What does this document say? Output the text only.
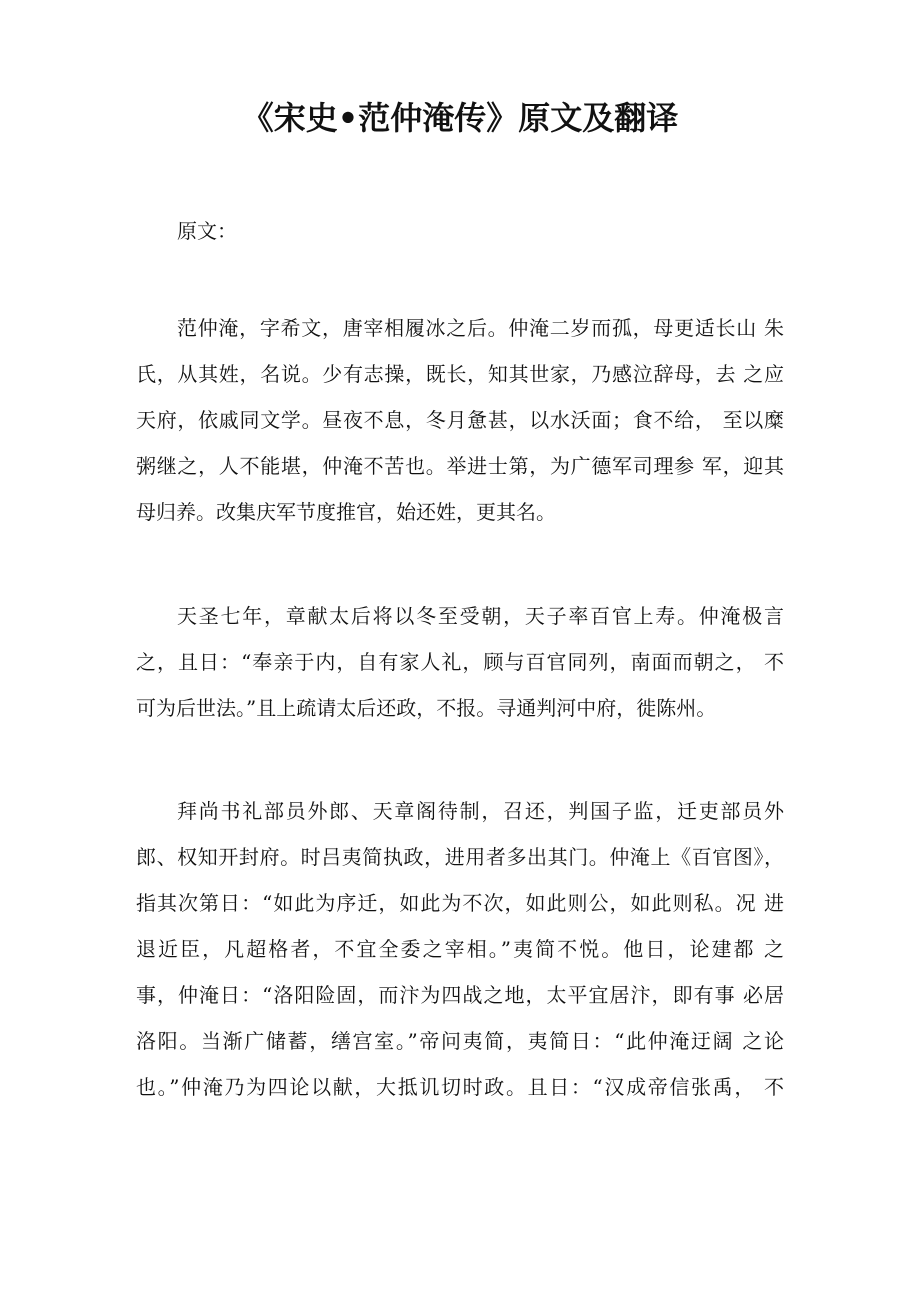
《宋史•范仲淹传》原文及翻译
原文：
范仲淹，字希文，唐宰相履冰之后。仲淹二岁而孤，母更适长山 朱
氏，从其姓，名说。少有志操，既长，知其世家，乃感泣辞母，去 之应
天府，依戚同文学。昼夜不息，冬月惫甚，以水沃面；食不给， 至以糜
粥继之，人不能堪，仲淹不苦也。举进士第，为广德军司理参 军，迎其
母归养。改集庆军节度推官，始还姓，更其名。
天圣七年，章献太后将以冬至受朝，天子率百官上寿。仲淹极言
之，且日：“奉亲于内，自有家人礼，顾与百官同列，南面而朝之， 不
可为后世法。”且上疏请太后还政，不报。寻通判河中府，徙陈州。
拜尚书礼部员外郎、天章阁待制，召还，判国子监，迁吏部员外
郎、权知开封府。时吕夷简执政，进用者多出其门。仲淹上《百官图》，
指其次第日：“如此为序迁，如此为不次，如此则公，如此则私。况 进
退近臣，凡超格者，不宜全委之宰相。”夷简不悦。他日，论建都 之
事，仲淹日：“洛阳险固，而汴为四战之地，太平宜居汴，即有事 必居
洛阳。当渐广储蓄，缮宫室。”帝问夷简，夷简日：“此仲淹迂阔 之论
也。”仲淹乃为四论以献，大抵讥切时政。且日：“汉成帝信张禹， 不
